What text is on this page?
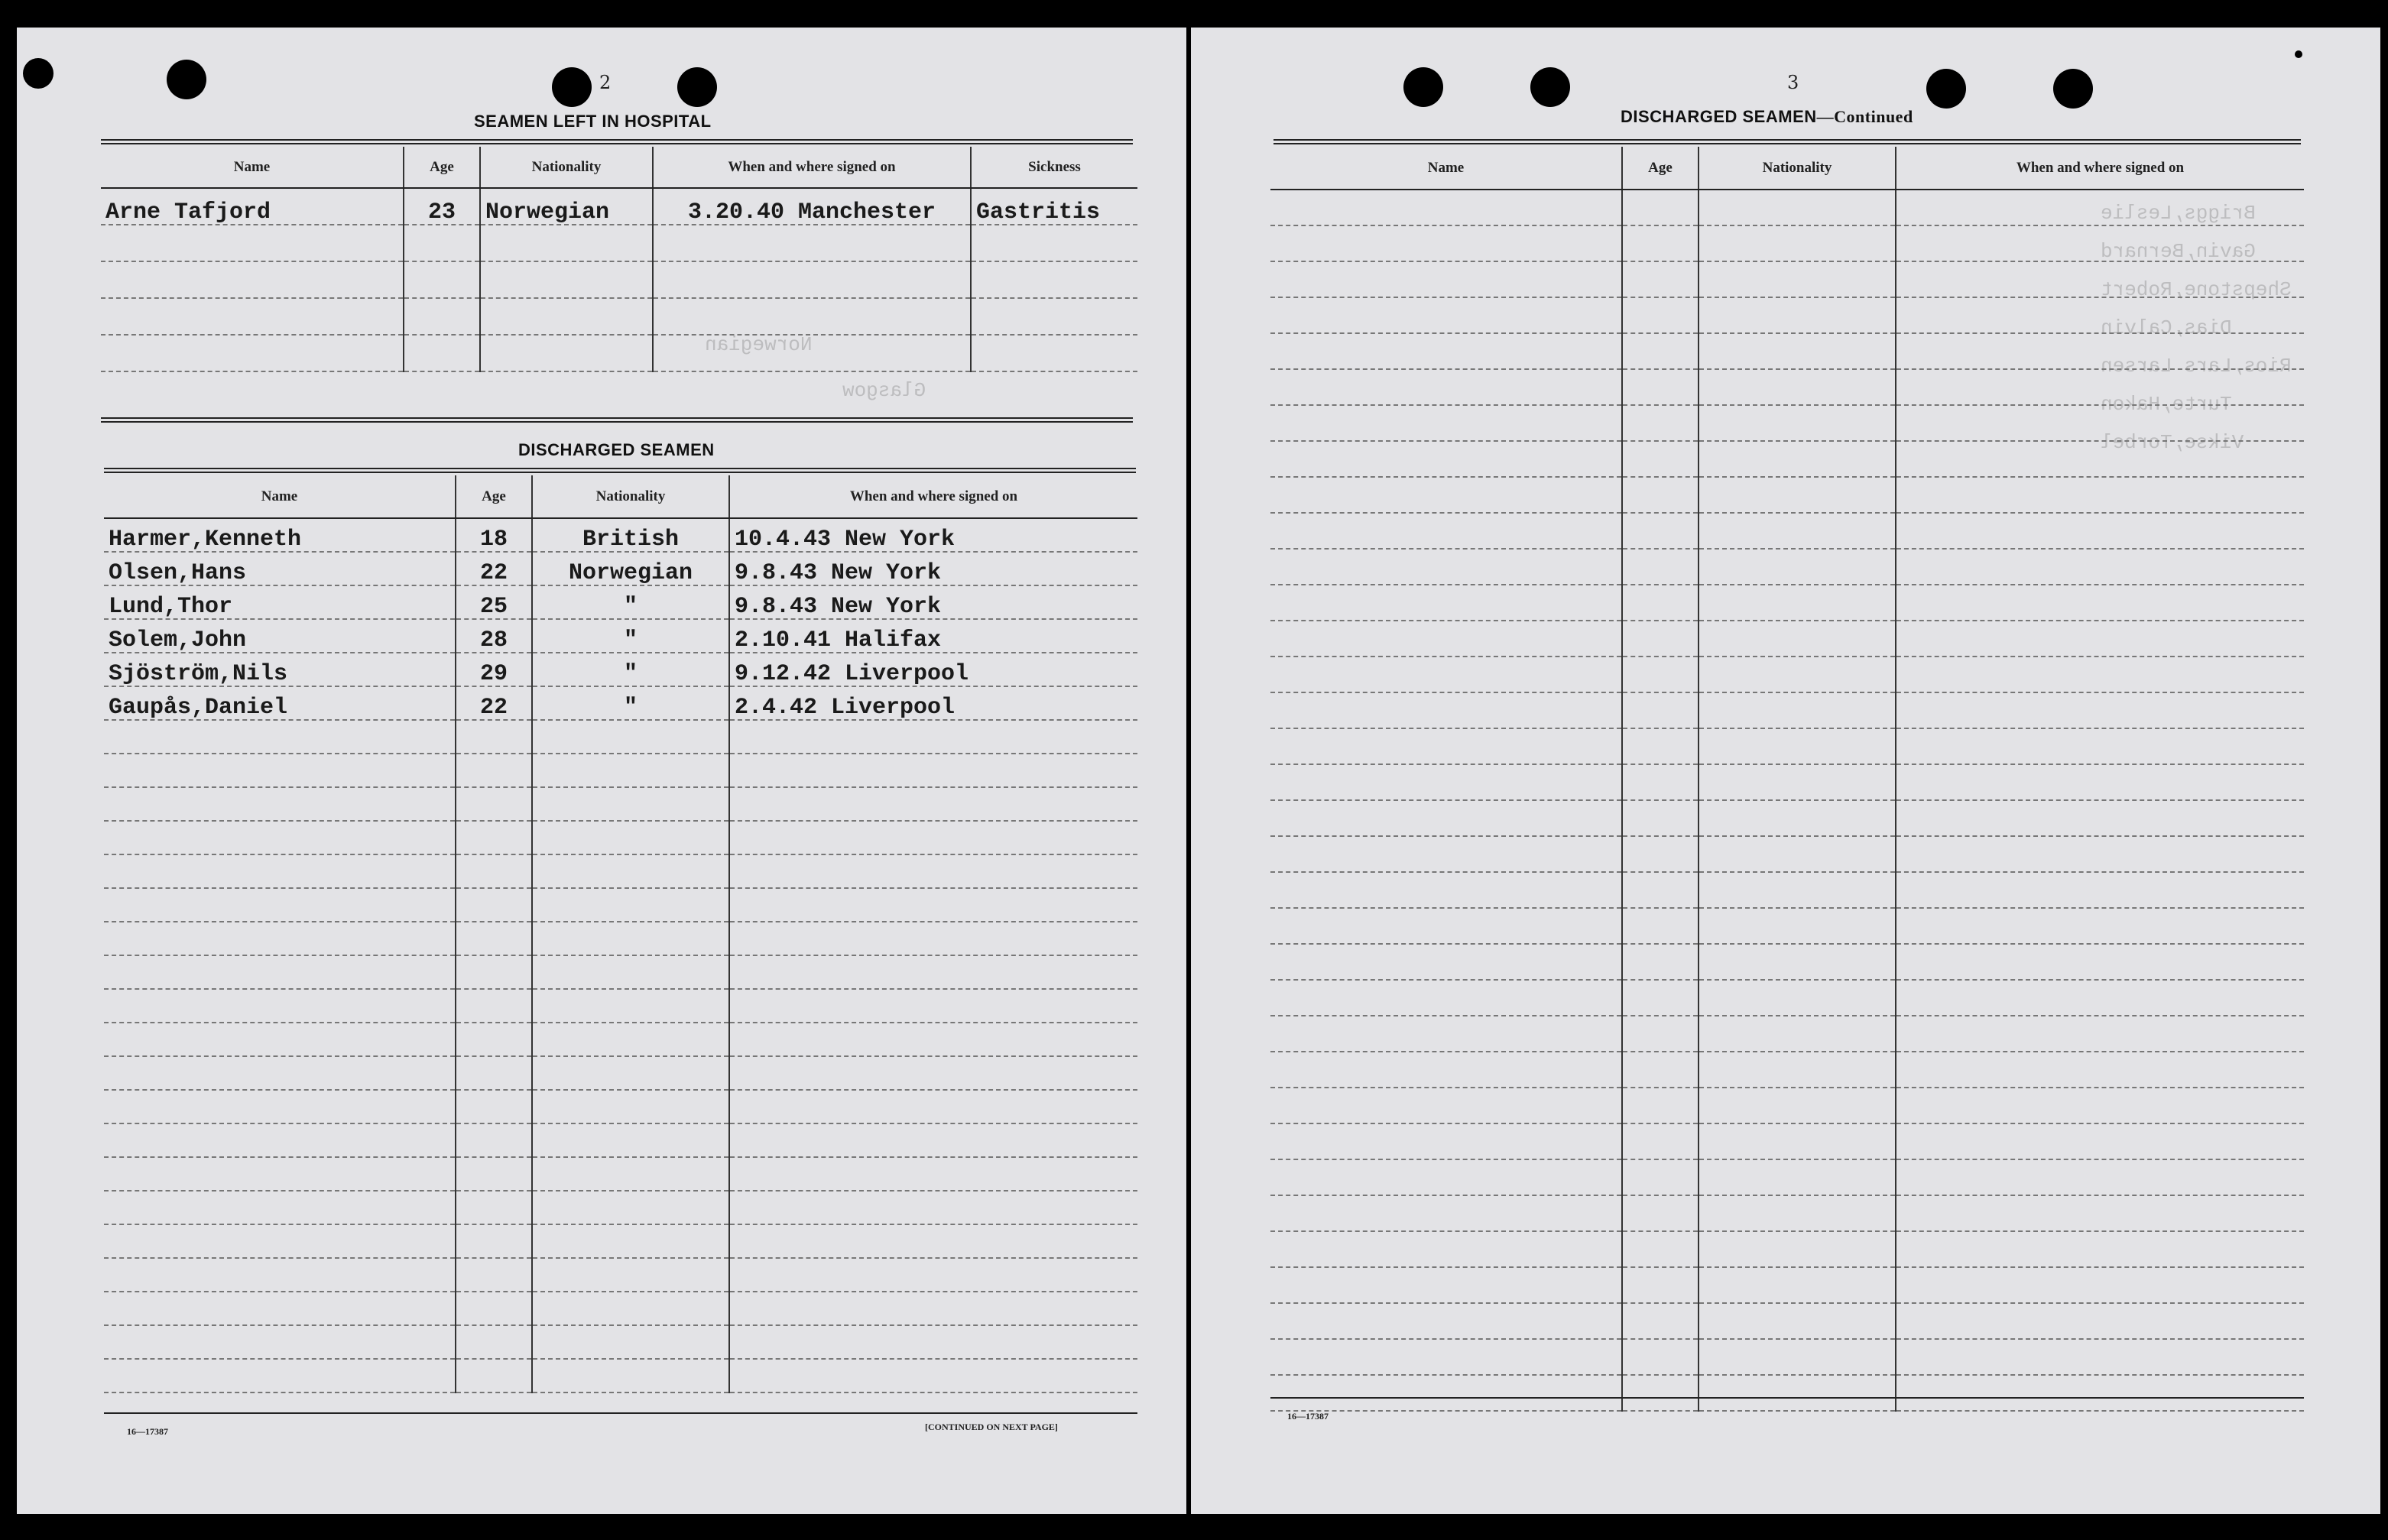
2
SEAMEN LEFT IN HOSPITAL
Norwegian
Glasgow
Name	Age	Nationality	When and where signed on	Sickness
Arne Tafjord	23	Norwegian	3.20.40 Manchester	Gastritis

DISCHARGED SEAMEN
Name	Age	Nationality	When and where signed on
Harmer,Kenneth	18	British	10.4.43 New York
Olsen,Hans	22	Norwegian	9.8.43 New York
Lund,Thor	25	"	9.8.43 New York
Solem,John	28	"	2.10.41 Halifax
Sjöström,Nils	29	"	9.12.42 Liverpool
Gaupås,Daniel	22	"	2.4.42 Liverpool

16—17387	[CONTINUED ON NEXT PAGE]
3
DISCHARGED SEAMEN—Continued
Briggs,Leslie
Gavin,Bernard
Shepstone,Robert
Dias,Calvin
Rios,Lars Larsen
Turte,Hakon
Vikse,Torbel
Name	Age	Nationality	When and where signed on

16—17387
